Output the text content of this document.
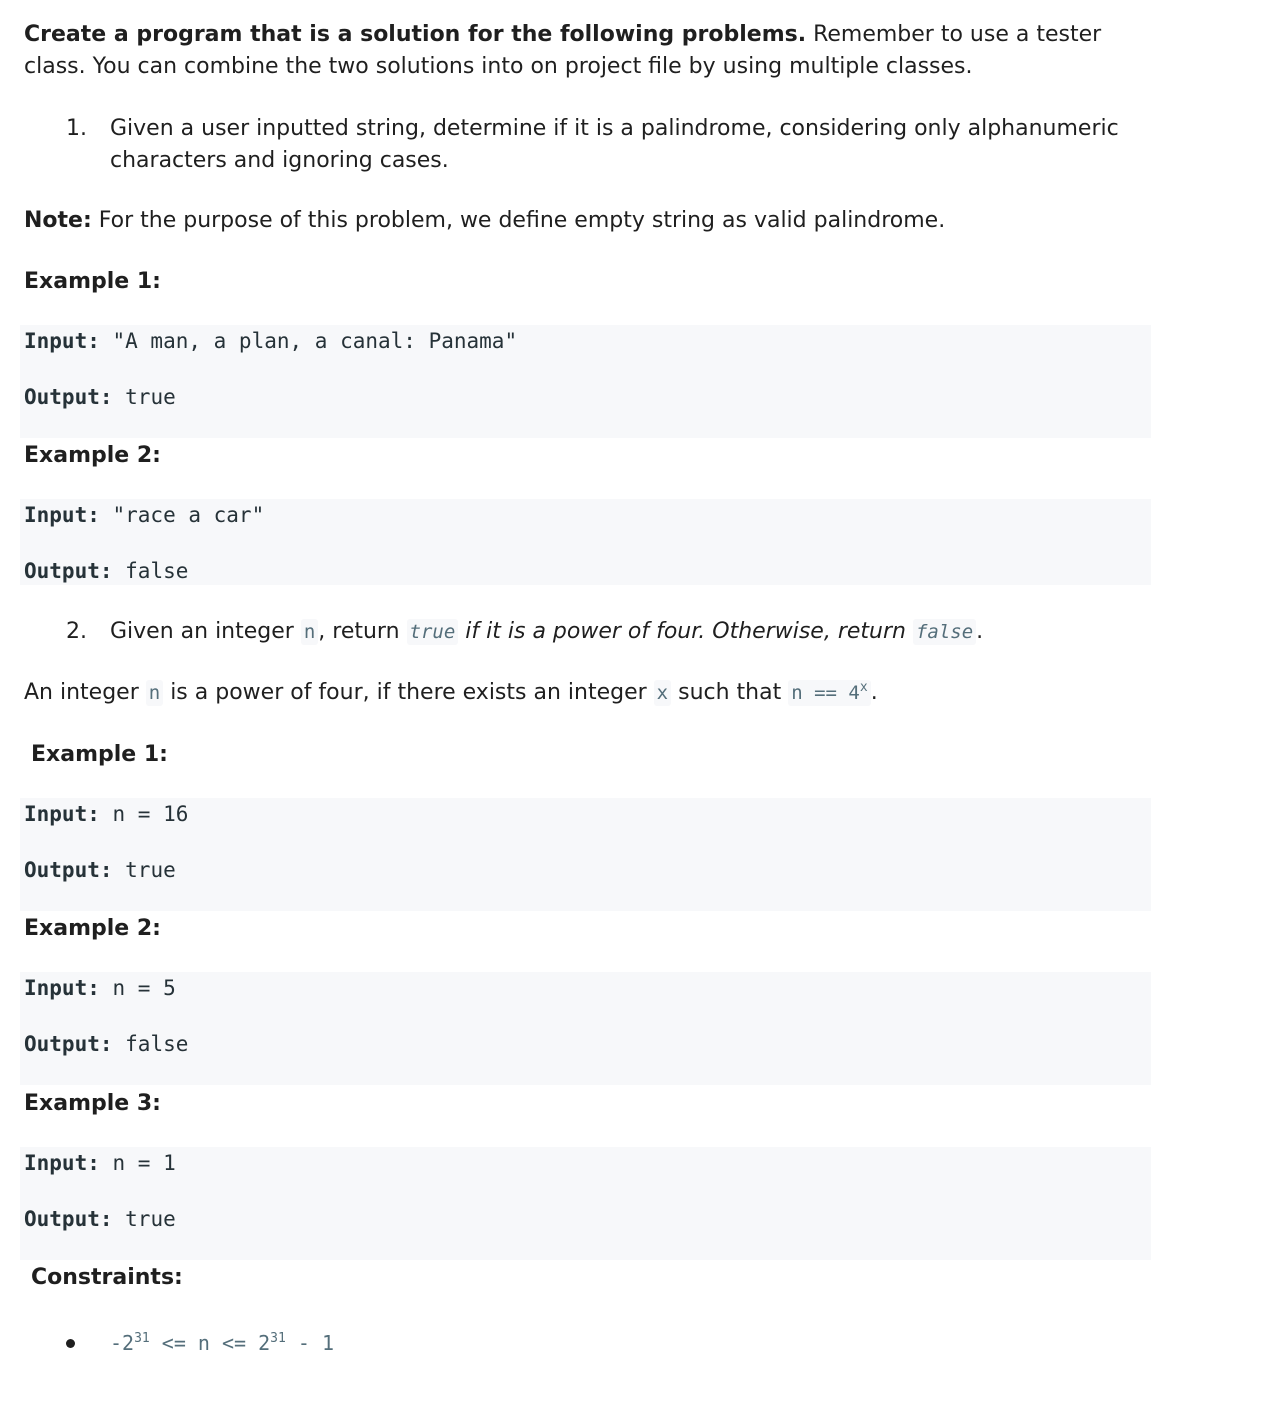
Create a program that is a solution for the following problems. Remember to use a tester class. You can combine the two solutions into on project file by using multiple classes.
1. Given a user inputted string, determine if it is a palindrome, considering only alphanumeric characters and ignoring cases.
Note: For the purpose of this problem, we define empty string as valid palindrome.
Example 1:
Input: "A man, a plan, a canal: Panama"
Output: true
Example 2:
Input: "race a car"
Output: false
2. Given an integer n , return true if it is a power of four. Otherwise, return false .
An integer n is a power of four, if there exists an integer x such that $n == 4^x$ .
Example 1:
Input: n = 16
Output: true
Example 2:
Input: n = 5
Output: false
Example 3:
Input: n = 1
Output: true
Constraints:
$-2^{31} <= n <= 2^{31} - 1$
